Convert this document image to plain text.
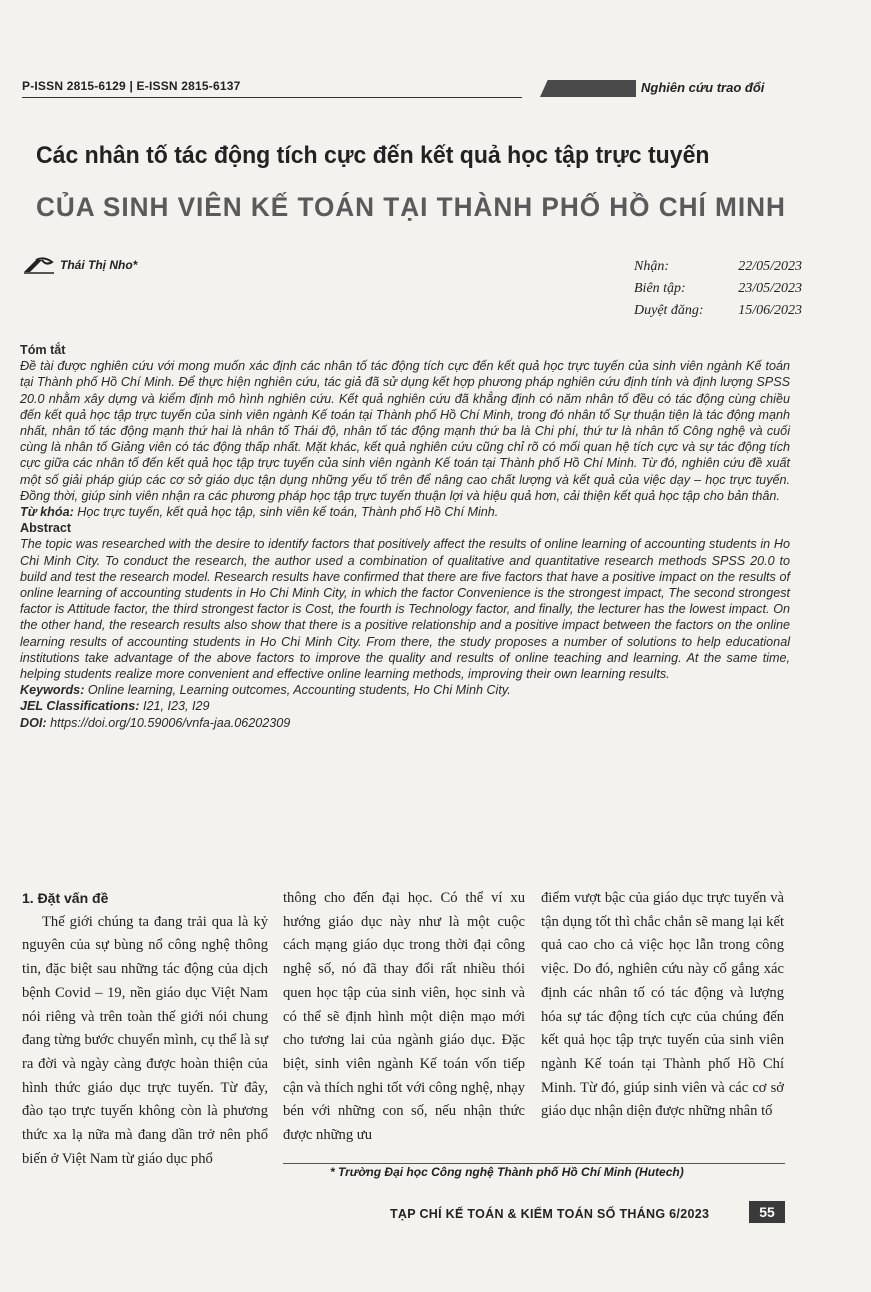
P-ISSN 2815-6129 | E-ISSN 2815-6137	Nghiên cứu trao đổi
Các nhân tố tác động tích cực đến kết quả học tập trực tuyến
CỦA SINH VIÊN KẾ TOÁN TẠI THÀNH PHỐ HỒ CHÍ MINH
Thái Thị Nho*	Nhận:	22/05/2023
Biên tập:	23/05/2023
Duyệt đăng: 15/06/2023

Tóm tắt

Đề tài được nghiên cứu với mong muốn xác định các nhân tố tác động tích cực đến kết quả học trực tuyến của sinh viên ngành Kế toán tại Thành phố Hồ Chí Minh. Để thực hiện nghiên cứu, tác giả đã sử dụng kết hợp phương pháp nghiên cứu định tính và định lượng SPSS 20.0 nhằm xây dựng và kiểm định mô hình nghiên cứu. Kết quả nghiên cứu đã khẳng định có năm nhân tố đều có tác động cùng chiều đến kết quả học tập trực tuyến của sinh viên ngành Kế toán tại Thành phố Hồ Chí Minh, trong đó nhân tố Sự thuận tiện là tác động mạnh nhất, nhân tố tác động mạnh thứ hai là nhân tố Thái độ, nhân tố tác động mạnh thứ ba là Chi phí, thứ tư là nhân tố Công nghệ và cuối cùng là nhân tố Giảng viên có tác động thấp nhất. Mặt khác, kết quả nghiên cứu cũng chỉ rõ có mối quan hệ tích cực và sự tác động tích cực giữa các nhân tố đến kết quả học tập trực tuyến của sinh viên ngành Kế toán tại Thành phố Hồ Chí Minh. Từ đó, nghiên cứu đề xuất một số giải pháp giúp các cơ sở giáo dục tận dụng những yếu tố trên để nâng cao chất lượng và kết quả của việc dạy – học trực tuyến. Đồng thời, giúp sinh viên nhận ra các phương pháp học tập trực tuyến thuận lợi và hiệu quả hơn, cải thiện kết quả học tập cho bản thân.

Từ khóa: Học trực tuyến, kết quả học tập, sinh viên kế toán, Thành phố Hồ Chí Minh.

Abstract

The topic was researched with the desire to identify factors that positively affect the results of online learning of accounting students in Ho Chi Minh City. To conduct the research, the author used a combination of qualitative and quantitative research methods SPSS 20.0 to build and test the research model. Research results have confirmed that there are five factors that have a positive impact on the results of online learning of accounting students in Ho Chi Minh City, in which the factor Convenience is the strongest impact, The second strongest factor is Attitude factor, the third strongest factor is Cost, the fourth is Technology factor, and finally, the lecturer has the lowest impact. On the other hand, the research results also show that there is a positive relationship and a positive impact between the factors on the online learning results of accounting students in Ho Chi Minh City. From there, the study proposes a number of solutions to help educational institutions take advantage of the above factors to improve the quality and results of online teaching and learning. At the same time, helping students realize more convenient and effective online learning methods, improving their own learning results.

Keywords: Online learning, Learning outcomes, Accounting students, Ho Chi Minh City.

JEL Classifications: I21, I23, I29

DOI: https://doi.org/10.59006/vnfa-jaa.06202309

1. Đặt vấn đề

Thế giới chúng ta đang trải qua là kỷ nguyên của sự bùng nổ công nghệ thông tin, đặc biệt sau những tác động của dịch bệnh Covid – 19, nền giáo dục Việt Nam nói riêng và trên toàn thế giới nói chung đang từng bước chuyển mình, cụ thể là sự ra đời và ngày càng được hoàn thiện của hình thức giáo dục trực tuyến. Từ đây, đào tạo trực tuyến không còn là phương thức xa lạ nữa mà đang dần trở nên phổ biến ở Việt Nam từ giáo dục phổ

thông cho đến đại học. Có thể ví xu hướng giáo dục này như là một cuộc cách mạng giáo dục trong thời đại công nghệ số, nó đã thay đổi rất nhiều thói quen học tập của sinh viên, học sinh và có thể sẽ định hình một diện mạo mới cho tương lai của ngành giáo dục. Đặc biệt, sinh viên ngành Kế toán vốn tiếp cận và thích nghi tốt với công nghệ, nhạy bén với những con số, nếu nhận thức được những ưu

điểm vượt bậc của giáo dục trực tuyến và tận dụng tốt thì chắc chắn sẽ mang lại kết quả cao cho cả việc học lẫn trong công việc. Do đó, nghiên cứu này cố gắng xác định các nhân tố có tác động và lượng hóa sự tác động tích cực của chúng đến kết quả học tập trực tuyến của sinh viên ngành Kế toán tại Thành phố Hồ Chí Minh. Từ đó, giúp sinh viên và các cơ sở giáo dục nhận diện được những nhân tố

* Trường Đại học Công nghệ Thành phố Hồ Chí Minh (Hutech)
TẠP CHÍ KẾ TOÁN & KIỂM TOÁN SỐ THÁNG 6/2023	55
